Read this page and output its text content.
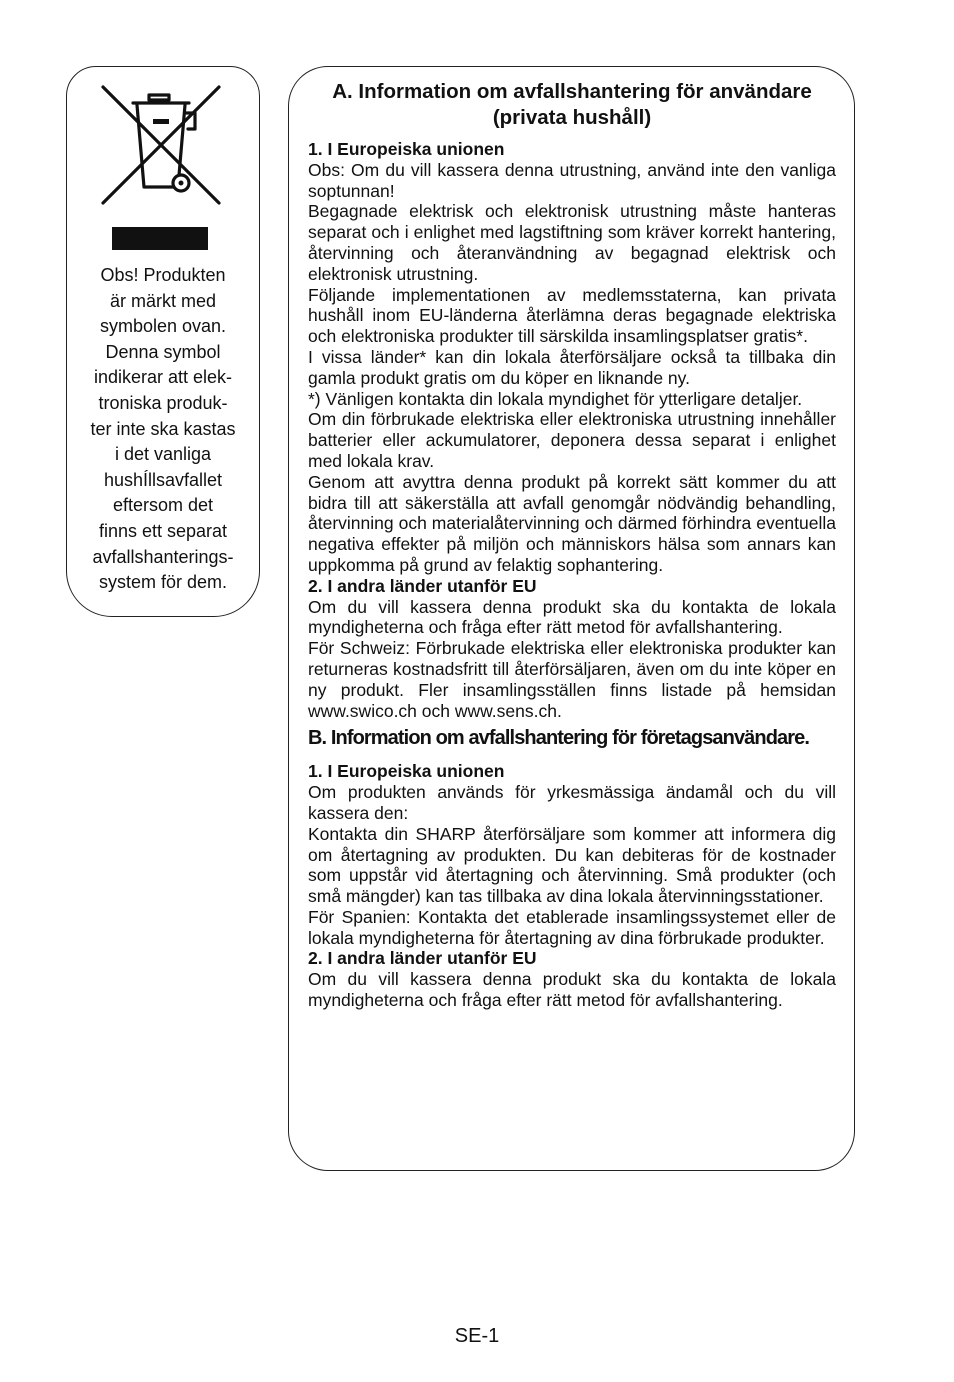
Obs! Produkten
är märkt med
symbolen ovan.
Denna symbol
indikerar att elek-
troniska produk-
ter inte ska kastas
i det vanliga
hushÍllsavfallet
eftersom det
finns ett separat
avfallshanterings-
system för dem.

A. Information om avfallshantering för användare (privata hushåll)

1. I Europeiska unionen

Obs: Om du vill kassera denna utrustning, använd inte den vanliga soptunnan!

Begagnade elektrisk och elektronisk utrustning måste hanteras separat och i enlighet med lagstiftning som kräver korrekt hantering, återvinning och återanvändning av begagnad elektrisk och elektronisk utrustning.

Följande implementationen av medlemsstaterna, kan privata hushåll inom EU-länderna återlämna deras begagnade elektriska och elektroniska produkter till särskilda insamlingsplatser gratis*.

I vissa länder* kan din lokala återförsäljare också ta tillbaka din gamla produkt gratis om du köper en liknande ny.

*) Vänligen kontakta din lokala myndighet för ytterligare detaljer.

Om din förbrukade elektriska eller elektroniska utrustning innehåller batterier eller ackumulatorer, deponera dessa separat i enlighet med lokala krav.

Genom att avyttra denna produkt på korrekt sätt kommer du att bidra till att säkerställa att avfall genomgår nödvändig behandling, återvinning och materialåtervinning och därmed förhindra eventuella negativa effekter på miljön och människors hälsa som annars kan uppkomma på grund av felaktig sophantering.

2. I andra länder utanför EU

Om du vill kassera denna produkt ska du kontakta de lokala myndigheterna och fråga efter rätt metod för avfallshantering.

För Schweiz: Förbrukade elektriska eller elektroniska produkter kan returneras kostnadsfritt till återförsäljaren, även om du inte köper en ny produkt. Fler insamlingsställen finns listade på hemsidan www.swico.ch och www.sens.ch.

B. Information om avfallshantering för företagsanvändare.

1. I Europeiska unionen

Om produkten används för yrkesmässiga ändamål och du vill kassera den:

Kontakta din SHARP återförsäljare som kommer att informera dig om återtagning av produkten. Du kan debiteras för de kostnader som uppstår vid återtagning och återvinning. Små produkter (och små mängder) kan tas tillbaka av dina lokala återvinningsstationer.

För Spanien: Kontakta det etablerade insamlingssystemet eller de lokala myndigheterna för återtagning av dina förbrukade produkter.

2. I andra länder utanför EU

Om du vill kassera denna produkt ska du kontakta de lokala myndigheterna och fråga efter rätt metod för avfallshantering.

SE-1
